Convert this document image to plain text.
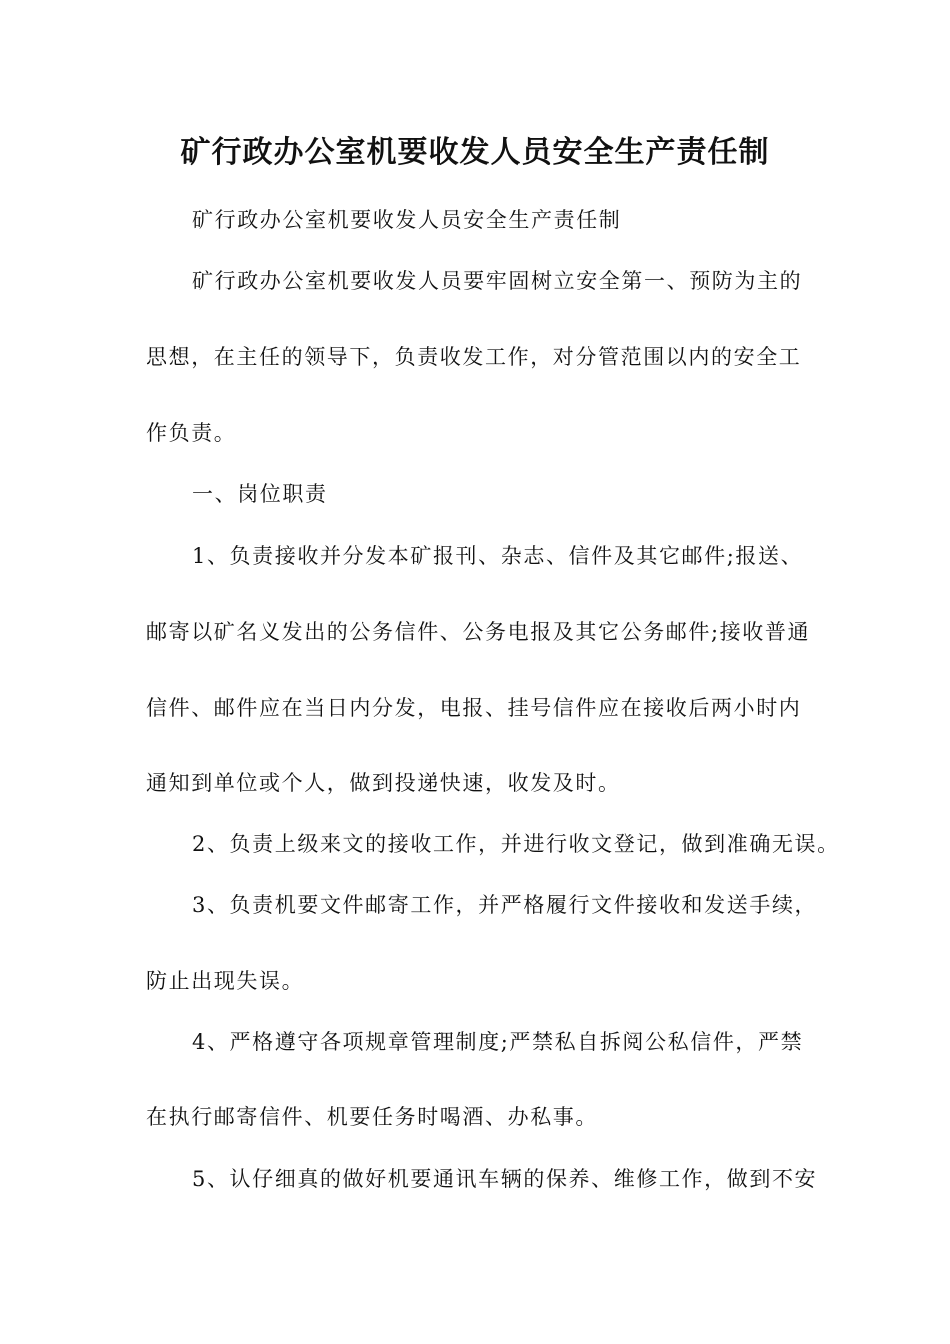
矿行政办公室机要收发人员安全生产责任制

矿行政办公室机要收发人员安全生产责任制

矿行政办公室机要收发人员要牢固树立安全第一、预防为主的

思想，在主任的领导下，负责收发工作，对分管范围以内的安全工

作负责。

一、岗位职责

1、负责接收并分发本矿报刊、杂志、信件及其它邮件;报送、

邮寄以矿名义发出的公务信件、公务电报及其它公务邮件;接收普通

信件、邮件应在当日内分发，电报、挂号信件应在接收后两小时内

通知到单位或个人，做到投递快速，收发及时。

2、负责上级来文的接收工作，并进行收文登记，做到准确无误。

3、负责机要文件邮寄工作，并严格履行文件接收和发送手续，

防止出现失误。

4、严格遵守各项规章管理制度;严禁私自拆阅公私信件，严禁

在执行邮寄信件、机要任务时喝酒、办私事。

5、认仔细真的做好机要通讯车辆的保养、维修工作，做到不安
